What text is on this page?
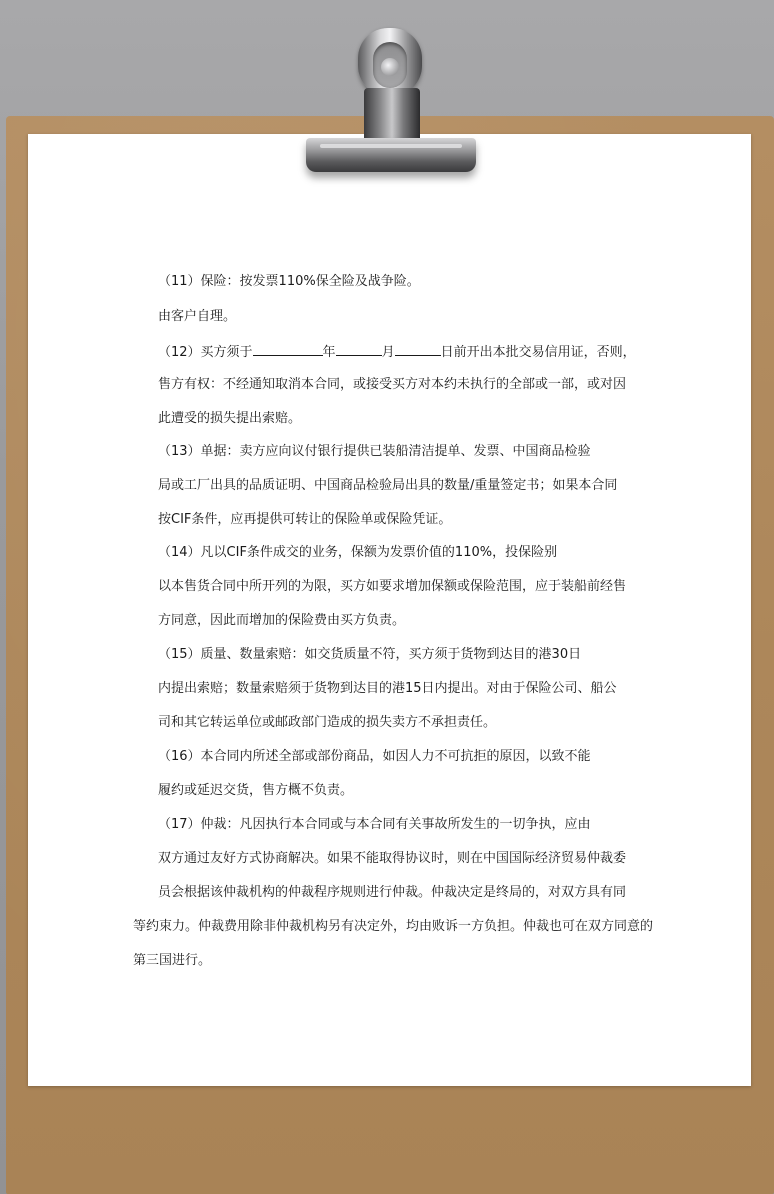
（11）保险：按发票110%保全险及战争险。
由客户自理。
（12）买方须于	年	月	日前开出本批交易信用证，否则，
售方有权：不经通知取消本合同，或接受买方对本约未执行的全部或一部，或对因
此遭受的损失提出索赔。
（13）单据：卖方应向议付银行提供已装船清洁提单、发票、中国商品检验
局或工厂出具的品质证明、中国商品检验局出具的数量/重量签定书；如果本合同
按CIF条件，应再提供可转让的保险单或保险凭证。
（14）凡以CIF条件成交的业务，保额为发票价值的110%，投保险别
以本售货合同中所开列的为限，买方如要求增加保额或保险范围，应于装船前经售
方同意，因此而增加的保险费由买方负责。
（15）质量、数量索赔：如交货质量不符，买方须于货物到达目的港30日
内提出索赔；数量索赔须于货物到达目的港15日内提出。对由于保险公司、船公
司和其它转运单位或邮政部门造成的损失卖方不承担责任。
（16）本合同内所述全部或部份商品，如因人力不可抗拒的原因，以致不能
履约或延迟交货，售方概不负责。
（17）仲裁：凡因执行本合同或与本合同有关事故所发生的一切争执，应由
双方通过友好方式协商解决。如果不能取得协议时，则在中国国际经济贸易仲裁委
员会根据该仲裁机构的仲裁程序规则进行仲裁。仲裁决定是终局的，对双方具有同
等约束力。仲裁费用除非仲裁机构另有决定外，均由败诉一方负担。仲裁也可在双方同意的
第三国进行。
